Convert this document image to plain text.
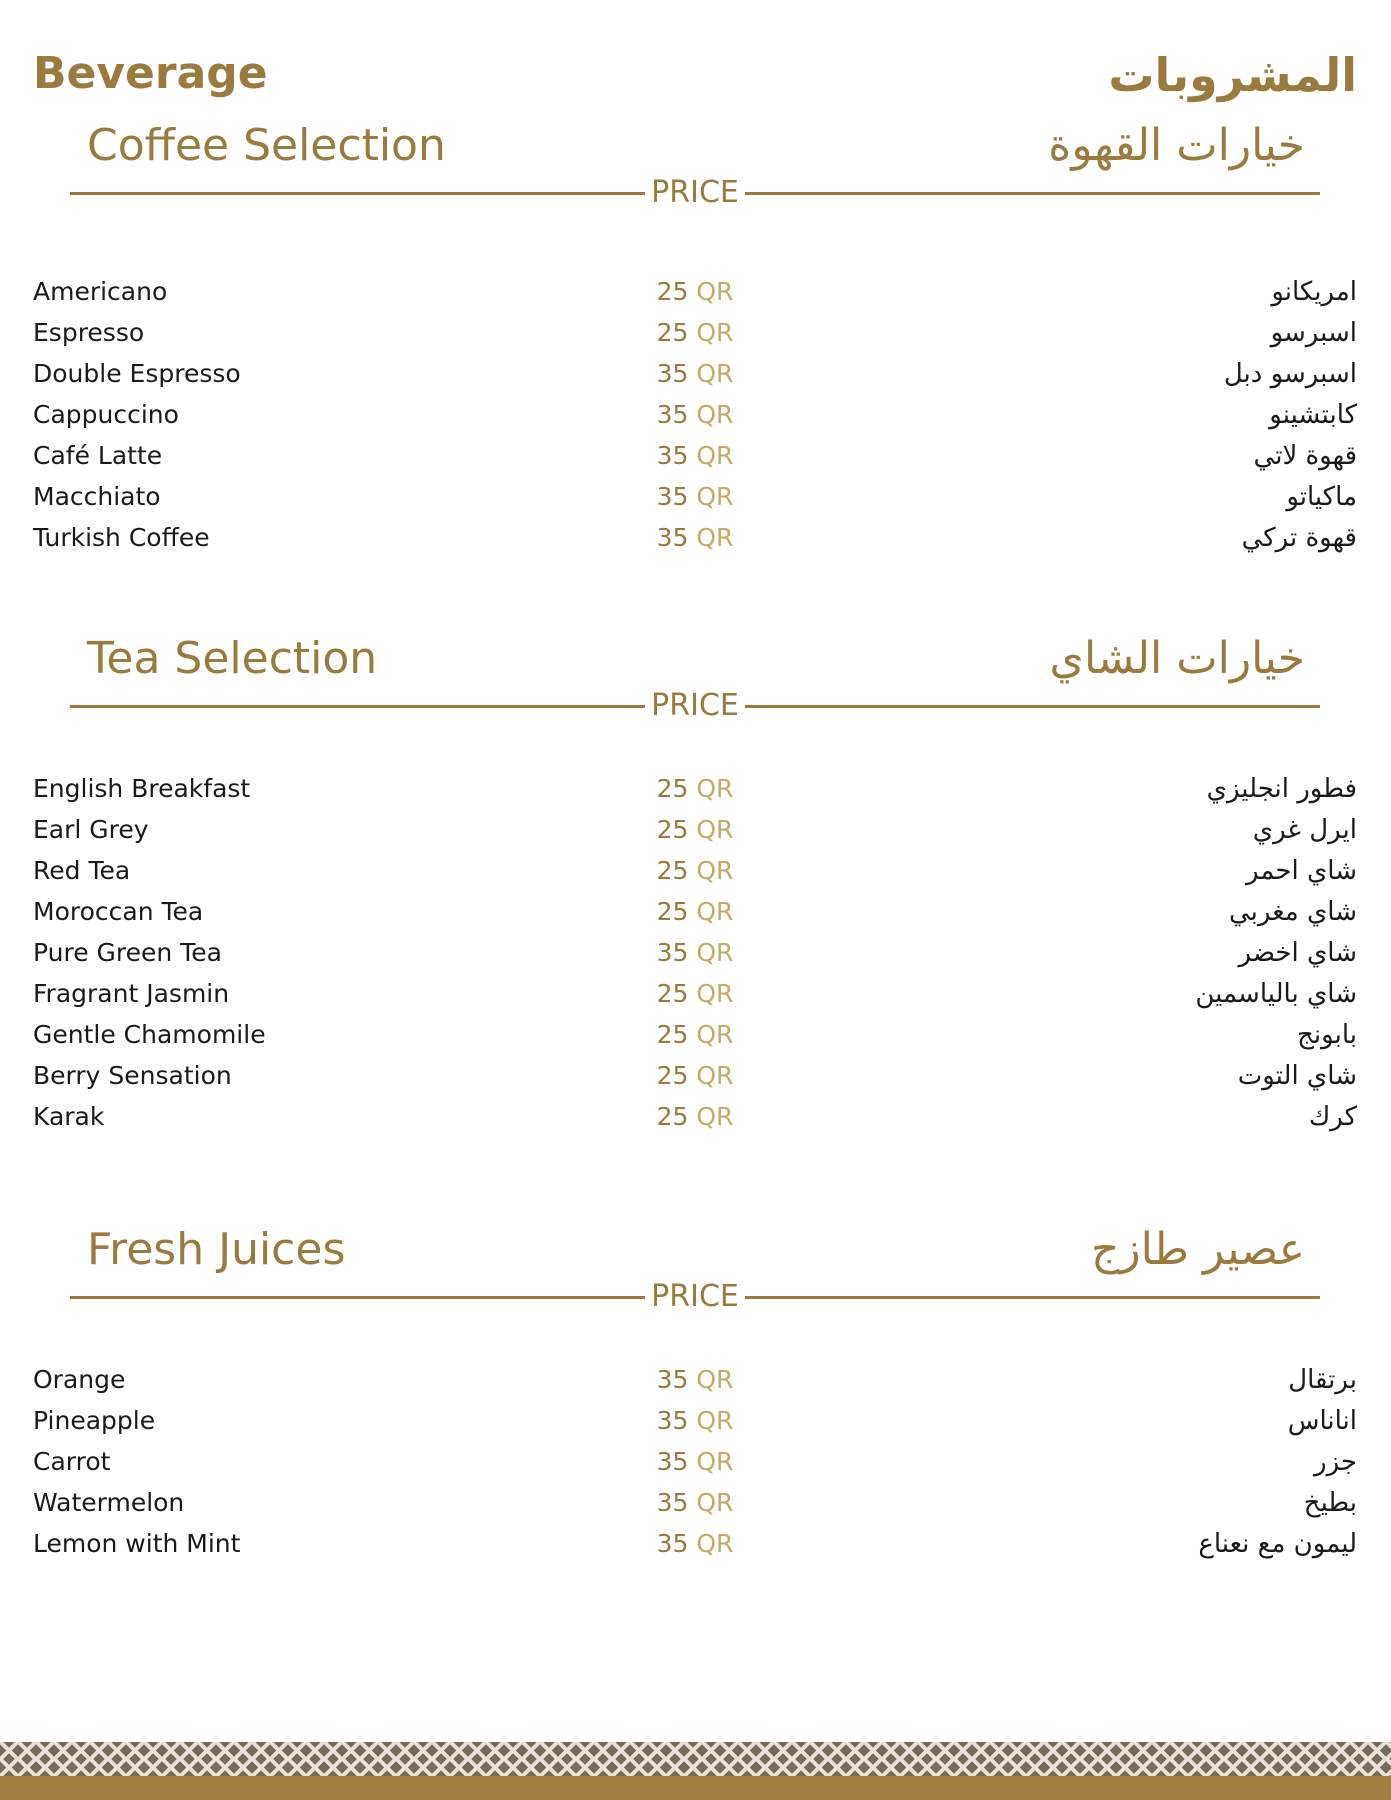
Beverage	المشروبات
Coffee Selection	خيارات القهوة
PRICE
Americano	25 QR	امريكانو
Espresso	25 QR	اسبرسو
Double Espresso	35 QR	اسبرسو دبل
Cappuccino	35 QR	كابتشينو
Café Latte	35 QR	قهوة لاتي
Macchiato	35 QR	ماكياتو
Turkish Coffee	35 QR	قهوة تركي
Tea Selection	خيارات الشاي
PRICE
English Breakfast	25 QR	فطور انجليزي
Earl Grey	25 QR	ايرل غري
Red Tea	25 QR	شاي احمر
Moroccan Tea	25 QR	شاي مغربي
Pure Green Tea	35 QR	شاي اخضر
Fragrant Jasmin	25 QR	شاي بالياسمين
Gentle Chamomile	25 QR	بابونج
Berry Sensation	25 QR	شاي التوت
Karak	25 QR	كرك
Fresh Juices	عصير طازج
PRICE
Orange	35 QR	برتقال
Pineapple	35 QR	اناناس
Carrot	35 QR	جزر
Watermelon	35 QR	بطيخ
Lemon with Mint	35 QR	ليمون مع نعناع
